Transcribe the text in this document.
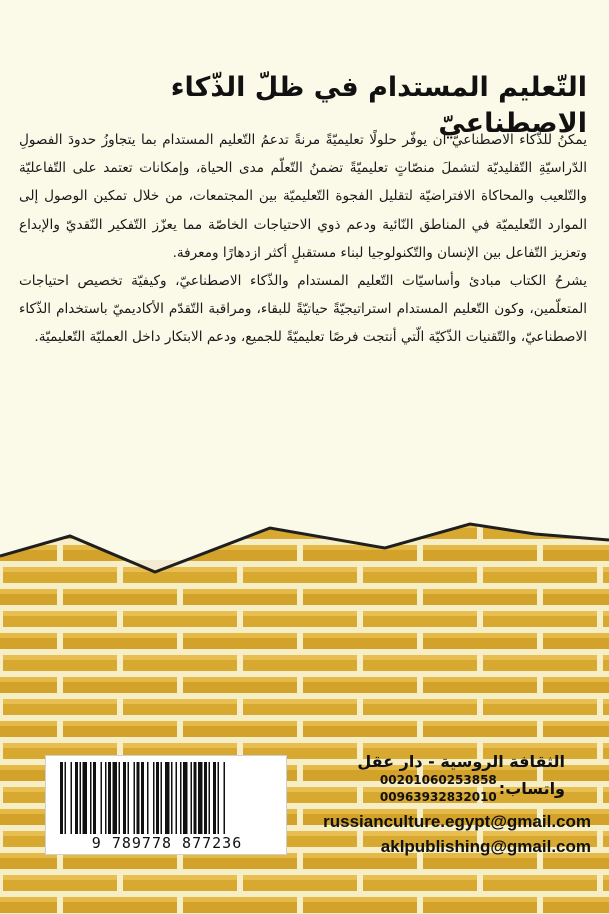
التّعليم المستدام في ظلّ الذّكاء الاصطناعيّ

يمكنُ للذّكاء الاصطناعيّ أن يوفّر حلولًا تعليميّةً مرنةً تدعمُ التّعليم المستدام بما يتجاوزُ حدودَ الفصولِ الدّراسيّةِ التّقليديّة لتشملَ منصّاتٍ تعليميّةً تضمنُ التّعلّم مدى الحياة، وإمكانات تعتمد على التّفاعليّة والتّلعيب والمحاكاة الافتراضيّة لتقليل الفجوة التّعليميّة بين المجتمعات، من خلال تمكين الوصول إلى الموارد التّعليميّة في المناطق النّائية ودعم ذوي الاحتياجات الخاصّة مما يعزّز التّفكير النّقديّ والإبداع وتعزيز التّفاعل بين الإنسان والتّكنولوجيا لبناء مستقبلٍ أكثر ازدهارًا ومعرفة.

يشرحُ الكتاب مبادئ وأساسيّات التّعليم المستدام والذّكاء الاصطناعيّ، وكيفيّة تخصيص احتياجات المتعلّمين، وكون التّعليم المستدام استراتيجيّةً حياتيّةً للبقاء، ومراقبة التّقدّم الأكاديميّ باستخدام الذّكاء الاصطناعيّ، والتّقنيات الذّكيّة الّتي أنتجت فرصًا تعليميّةً للجميع، ودعم الابتكار داخل العمليّة التّعليميّة.

9 789778 877236
الثقافة الروسية - دار عقل
واتساب:
00201060253858
00963932832010
russianculture.egypt@gmail.com
aklpublishing@gmail.com
